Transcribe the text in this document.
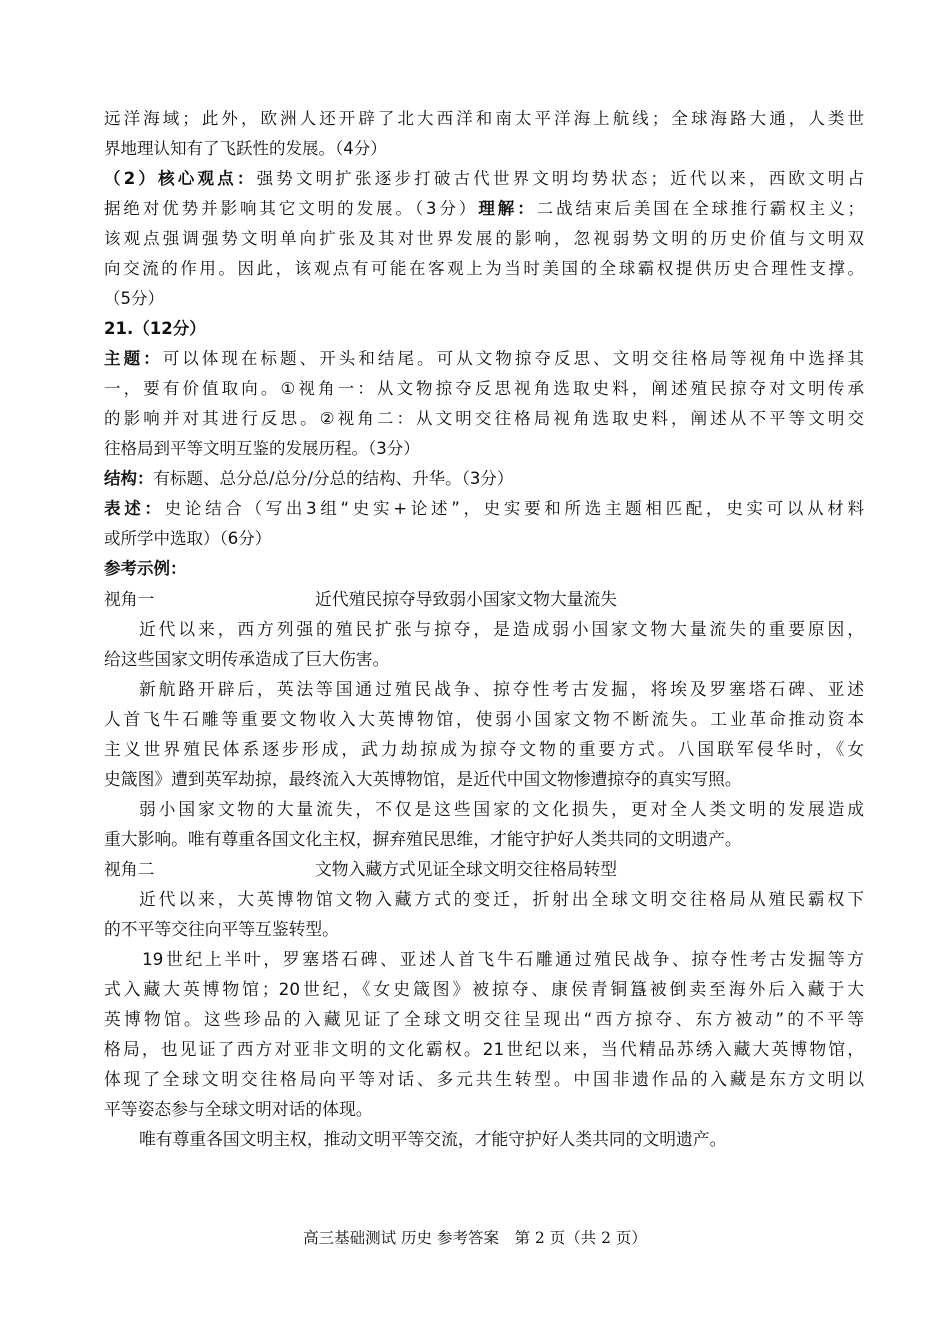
远洋海域；此外，欧洲人还开辟了北大西洋和南太平洋海上航线；全球海路大通，人类世
界地理认知有了飞跃性的发展。（4分）
（2）核心观点：强势文明扩张逐步打破古代世界文明均势状态；近代以来，西欧文明占
据绝对优势并影响其它文明的发展。（3分）理解：二战结束后美国在全球推行霸权主义；
该观点强调强势文明单向扩张及其对世界发展的影响，忽视弱势文明的历史价值与文明双
向交流的作用。因此，该观点有可能在客观上为当时美国的全球霸权提供历史合理性支撑。
（5分）
21.（12分）
主题：可以体现在标题、开头和结尾。可从文物掠夺反思、文明交往格局等视角中选择其
一，要有价值取向。①视角一：从文物掠夺反思视角选取史料，阐述殖民掠夺对文明传承
的影响并对其进行反思。②视角二：从文明交往格局视角选取史料，阐述从不平等文明交
往格局到平等文明互鉴的发展历程。（3分）
结构：有标题、总分总/总分/分总的结构、升华。（3分）
表述：史论结合（写出3组“史实+论述”，史实要和所选主题相匹配，史实可以从材料
或所学中选取）（6分）
参考示例：
视角一	近代殖民掠夺导致弱小国家文物大量流失
近代以来，西方列强的殖民扩张与掠夺，是造成弱小国家文物大量流失的重要原因，
给这些国家文明传承造成了巨大伤害。
新航路开辟后，英法等国通过殖民战争、掠夺性考古发掘，将埃及罗塞塔石碑、亚述
人首飞牛石雕等重要文物收入大英博物馆，使弱小国家文物不断流失。工业革命推动资本
主义世界殖民体系逐步形成，武力劫掠成为掠夺文物的重要方式。八国联军侵华时，《女
史箴图》遭到英军劫掠，最终流入大英博物馆，是近代中国文物惨遭掠夺的真实写照。
弱小国家文物的大量流失，不仅是这些国家的文化损失，更对全人类文明的发展造成
重大影响。唯有尊重各国文化主权，摒弃殖民思维，才能守护好人类共同的文明遗产。
视角二	文物入藏方式见证全球文明交往格局转型
近代以来，大英博物馆文物入藏方式的变迁，折射出全球文明交往格局从殖民霸权下
的不平等交往向平等互鉴转型。
19世纪上半叶，罗塞塔石碑、亚述人首飞牛石雕通过殖民战争、掠夺性考古发掘等方
式入藏大英博物馆；20世纪，《女史箴图》被掠夺、康侯青铜簋被倒卖至海外后入藏于大
英博物馆。这些珍品的入藏见证了全球文明交往呈现出“西方掠夺、东方被动”的不平等
格局，也见证了西方对亚非文明的文化霸权。21世纪以来，当代精品苏绣入藏大英博物馆，
体现了全球文明交往格局向平等对话、多元共生转型。中国非遗作品的入藏是东方文明以
平等姿态参与全球文明对话的体现。
唯有尊重各国文明主权，推动文明平等交流，才能守护好人类共同的文明遗产。
高三基础测试 历史 参考答案　第 2 页（共 2 页）
